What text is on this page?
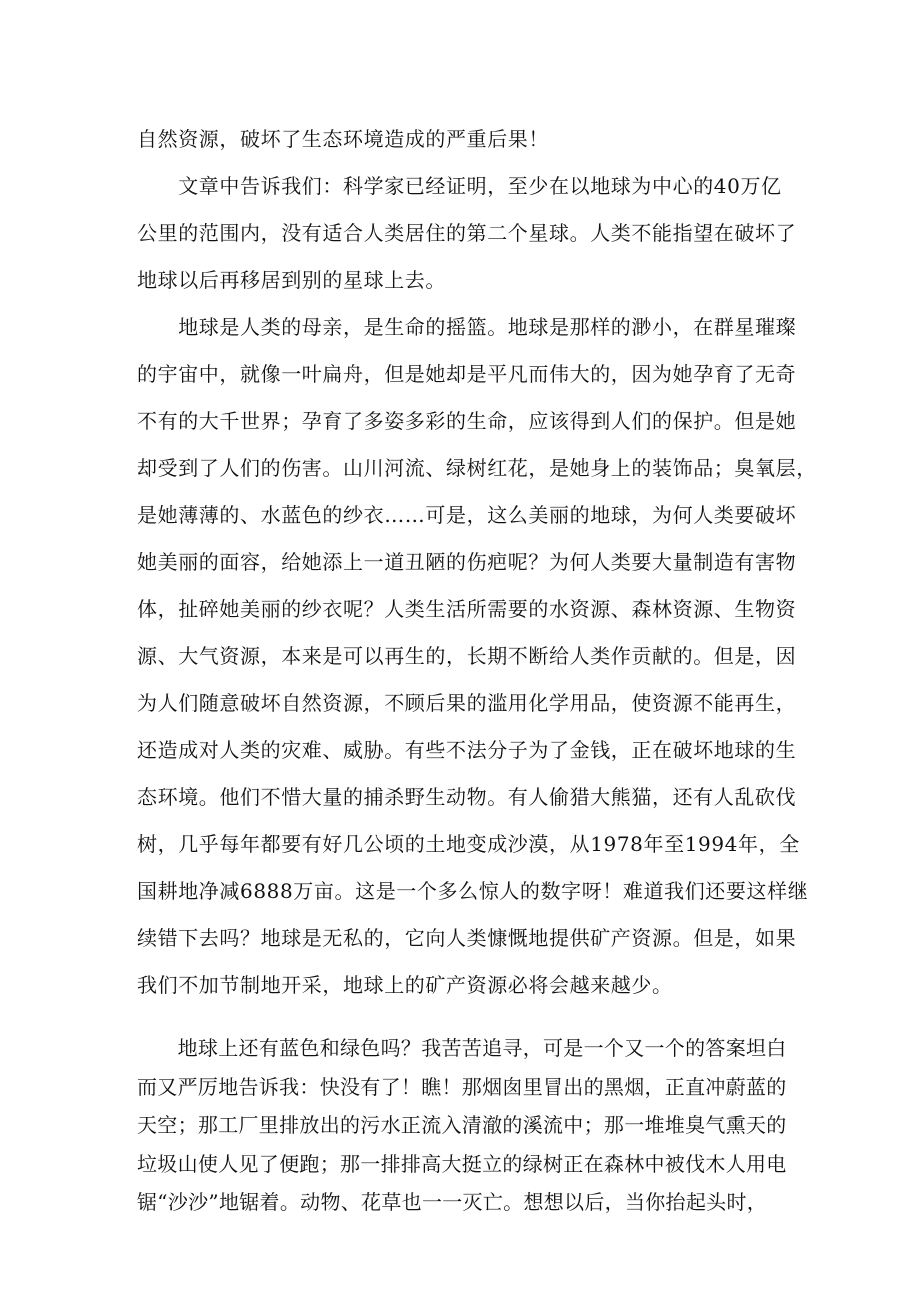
自然资源，破坏了生态环境造成的严重后果！
　　文章中告诉我们：科学家已经证明，至少在以地球为中心的40万亿
公里的范围内，没有适合人类居住的第二个星球。人类不能指望在破坏了
地球以后再移居到别的星球上去。
　　地球是人类的母亲，是生命的摇篮。地球是那样的渺小，在群星璀璨
的宇宙中，就像一叶扁舟，但是她却是平凡而伟大的，因为她孕育了无奇
不有的大千世界；孕育了多姿多彩的生命，应该得到人们的保护。但是她
却受到了人们的伤害。山川河流、绿树红花，是她身上的装饰品；臭氧层，
是她薄薄的、水蓝色的纱衣……可是，这么美丽的地球，为何人类要破坏
她美丽的面容，给她添上一道丑陋的伤疤呢？为何人类要大量制造有害物
体，扯碎她美丽的纱衣呢？人类生活所需要的水资源、森林资源、生物资
源、大气资源，本来是可以再生的，长期不断给人类作贡献的。但是，因
为人们随意破坏自然资源，不顾后果的滥用化学用品，使资源不能再生，
还造成对人类的灾难、威胁。有些不法分子为了金钱，正在破坏地球的生
态环境。他们不惜大量的捕杀野生动物。有人偷猎大熊猫，还有人乱砍伐
树，几乎每年都要有好几公顷的土地变成沙漠，从1978年至1994年，全
国耕地净减6888万亩。这是一个多么惊人的数字呀！难道我们还要这样继
续错下去吗？地球是无私的，它向人类慷慨地提供矿产资源。但是，如果
我们不加节制地开采，地球上的矿产资源必将会越来越少。
　　地球上还有蓝色和绿色吗？我苦苦追寻，可是一个又一个的答案坦白
而又严厉地告诉我：快没有了！瞧！那烟囱里冒出的黑烟，正直冲蔚蓝的
天空；那工厂里排放出的污水正流入清澈的溪流中；那一堆堆臭气熏天的
垃圾山使人见了便跑；那一排排高大挺立的绿树正在森林中被伐木人用电
锯“沙沙”地锯着。动物、花草也一一灭亡。想想以后，当你抬起头时，
